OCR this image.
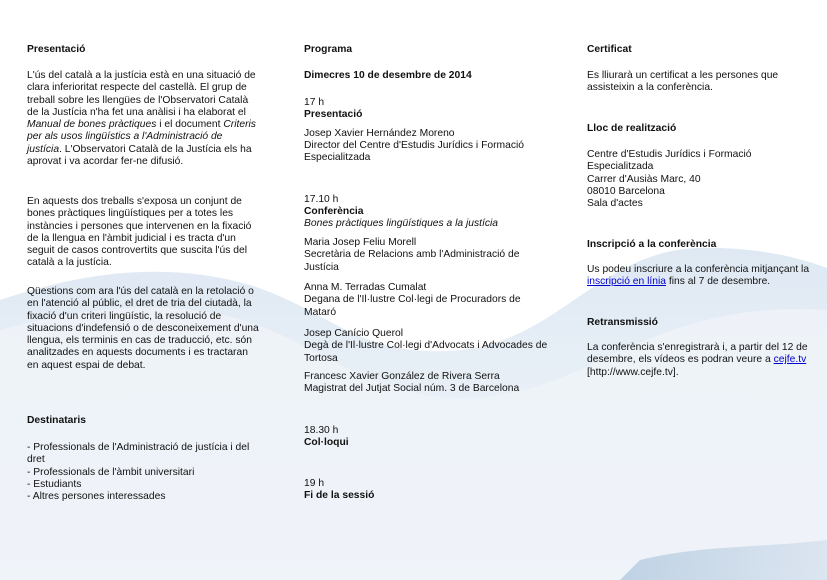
Presentació

L'ús del català a la justícia està en una situació de clara inferioritat respecte del castellà. El grup de treball sobre les llengües de l'Observatori Català de la Justícia n'ha fet una anàlisi i ha elaborat el Manual de bones pràctiques i el document Criteris per als usos lingüístics a l'Administració de justícia. L'Observatori Català de la Justícia els ha aprovat i va acordar fer-ne difusió.

En aquests dos treballs s'exposa un conjunt de bones pràctiques lingüístiques per a totes les instàncies i persones que intervenen en la fixació de la llengua en l'àmbit judicial i es tracta d'un seguit de casos controvertits que suscita l'ús del català a la justícia.

Qüestions com ara l'ús del català en la retolació o en l'atenció al públic, el dret de tria del ciutadà, la fixació d'un criteri lingüístic, la resolució de situacions d'indefensió o de desconeixement d'una llengua, els terminis en cas de traducció, etc. són analitzades en aquests documents i es tractaran en aquest espai de debat.

Destinataris

- Professionals de l'Administració de justícia i del dret
- Professionals de l'àmbit universitari
- Estudiants
- Altres persones interessades

Programa

Dimecres 10 de desembre de 2014

17 h

Presentació

Josep Xavier Hernández Moreno

Director del Centre d'Estudis Jurídics i Formació Especialitzada

17.10 h

Conferència

Bones pràctiques lingüístiques a la justícia

Maria Josep Feliu Morell

Secretària de Relacions amb l'Administració de Justícia

Anna M. Terradas Cumalat

Degana de l'Il·lustre Col·legi de Procuradors de Mataró

Josep Canício Querol

Degà de l'Il·lustre Col·legi d'Advocats i Advocades de Tortosa

Francesc Xavier González de Rivera Serra

Magistrat del Jutjat Social núm. 3 de Barcelona

18.30 h

Col·loqui

19 h

Fi de la sessió

Certificat

Es lliurarà un certificat a les persones que assisteixin a la conferència.

Lloc de realització

Centre d'Estudis Jurídics i Formació Especialitzada

Carrer d'Ausiàs Marc, 40

08010 Barcelona

Sala d'actes

Inscripció a la conferència

Us podeu inscriure a la conferència mitjançant la inscripció en línia fins al 7 de desembre.

Retransmissió

La conferència s'enregistrarà i, a partir del 12 de desembre, els vídeos es podran veure a cejfe.tv [http://www.cejfe.tv].
